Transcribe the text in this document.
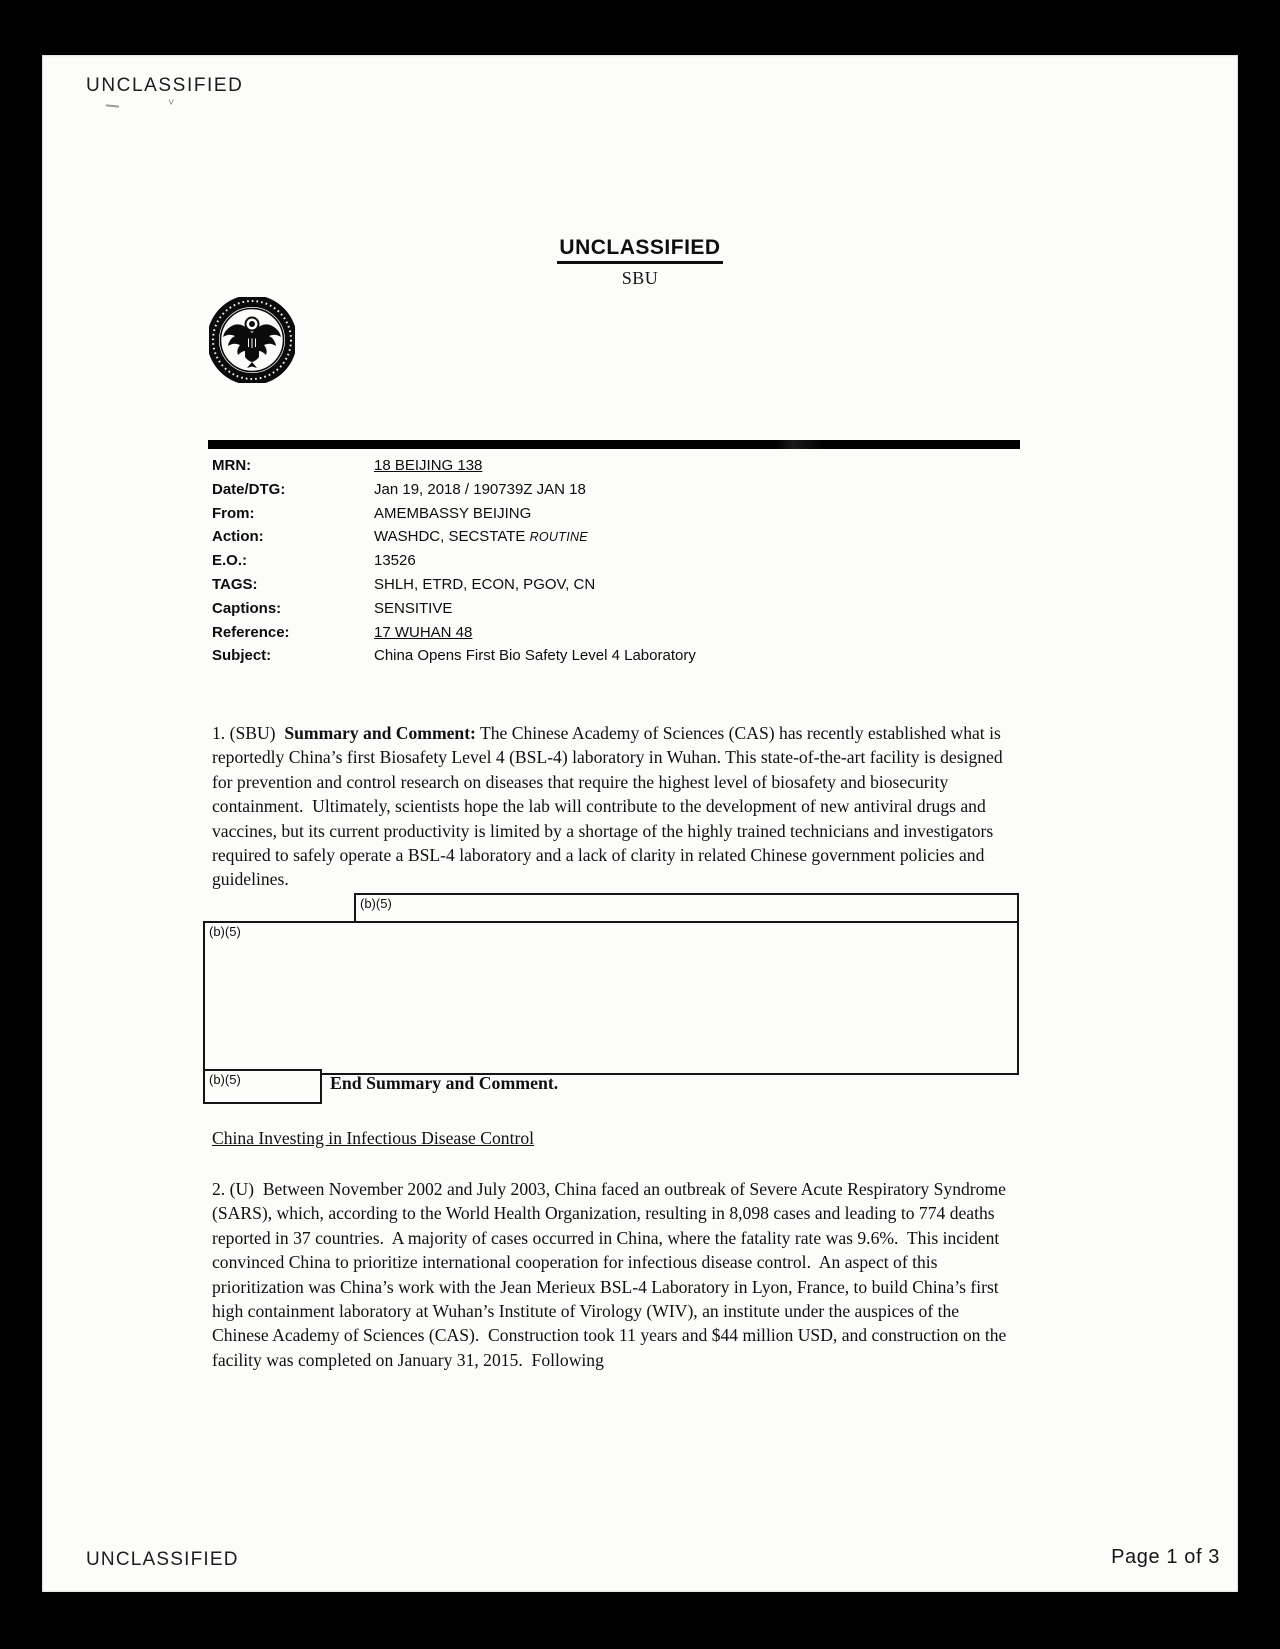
UNCLASSIFIED
˅
UNCLASSIFIED
SBU
MRN:	18 BEIJING 138
Date/DTG:	Jan 19, 2018 / 190739Z JAN 18
From:	AMEMBASSY BEIJING
Action:	WASHDC, SECSTATE ROUTINE
E.O.:	13526
TAGS:	SHLH, ETRD, ECON, PGOV, CN
Captions:	SENSITIVE
Reference:	17 WUHAN 48
Subject:	China Opens First Bio Safety Level 4 Laboratory
1. (SBU)  Summary and Comment: The Chinese Academy of Sciences (CAS) has recently established what is reportedly China’s first Biosafety Level 4 (BSL-4) laboratory in Wuhan. This state-of-the-art facility is designed for prevention and control research on diseases that require the highest level of biosafety and biosecurity containment.  Ultimately, scientists hope the lab will contribute to the development of new antiviral drugs and vaccines, but its current productivity is limited by a shortage of the highly trained technicians and investigators required to safely operate a BSL-4 laboratory and a lack of clarity in related Chinese government policies and guidelines.
(b)(5)
(b)(5)
(b)(5)	End Summary and Comment.
China Investing in Infectious Disease Control
2. (U)  Between November 2002 and July 2003, China faced an outbreak of Severe Acute Respiratory Syndrome (SARS), which, according to the World Health Organization, resulting in 8,098 cases and leading to 774 deaths reported in 37 countries.  A majority of cases occurred in China, where the fatality rate was 9.6%.  This incident convinced China to prioritize international cooperation for infectious disease control.  An aspect of this prioritization was China’s work with the Jean Merieux BSL-4 Laboratory in Lyon, France, to build China’s first high containment laboratory at Wuhan’s Institute of Virology (WIV), an institute under the auspices of the Chinese Academy of Sciences (CAS).  Construction took 11 years and $44 million USD, and construction on the facility was completed on January 31, 2015.  Following
UNCLASSIFIED	Page 1 of 3
